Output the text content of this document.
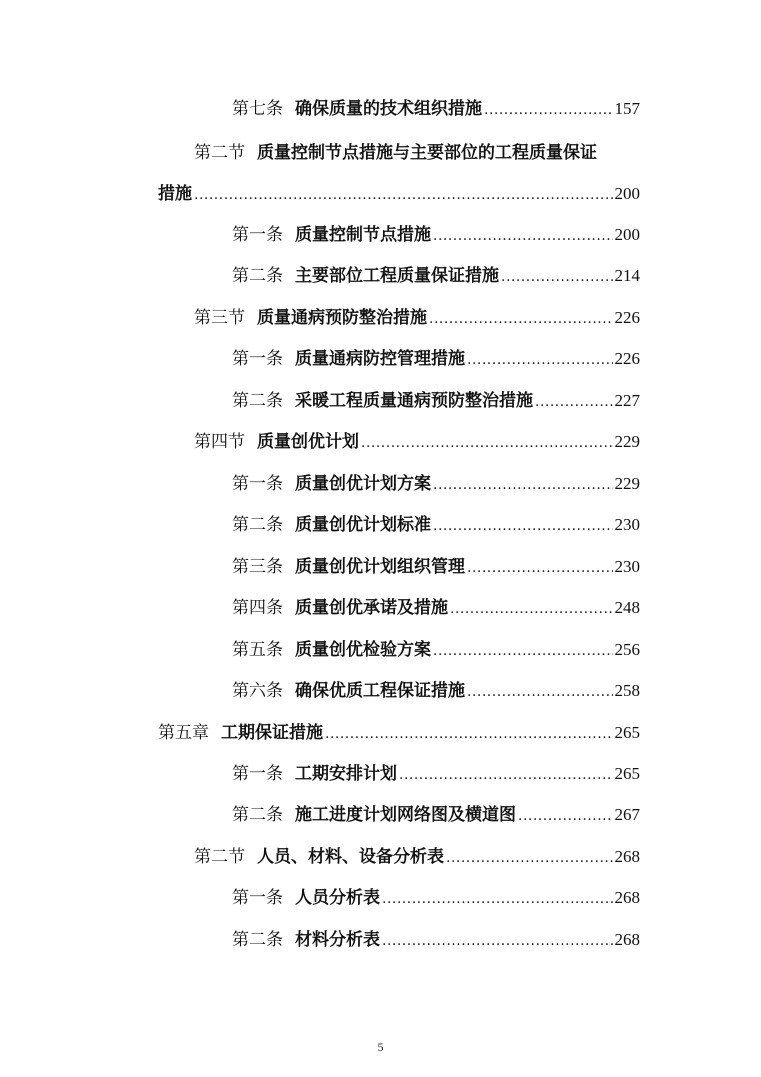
第七条 确保质量的技术组织措施 .....	157
第二节 质量控制节点措施与主要部位的工程质量保证
措施 .....	200
第一条 质量控制节点措施 .....	200
第二条 主要部位工程质量保证措施 .....	214
第三节 质量通病预防整治措施 .....	226
第一条 质量通病防控管理措施 .....	226
第二条 采暖工程质量通病预防整治措施 .....	227
第四节 质量创优计划 .....	229
第一条 质量创优计划方案 .....	229
第二条 质量创优计划标准 .....	230
第三条 质量创优计划组织管理 .....	230
第四条 质量创优承诺及措施 .....	248
第五条 质量创优检验方案 .....	256
第六条 确保优质工程保证措施 .....	258
第五章 工期保证措施 .....	265
第一条 工期安排计划 .....	265
第二条 施工进度计划网络图及横道图 .....	267
第二节 人员、材料、设备分析表 .....	268
第一条 人员分析表 .....	268
第二条 材料分析表 .....	268
5
